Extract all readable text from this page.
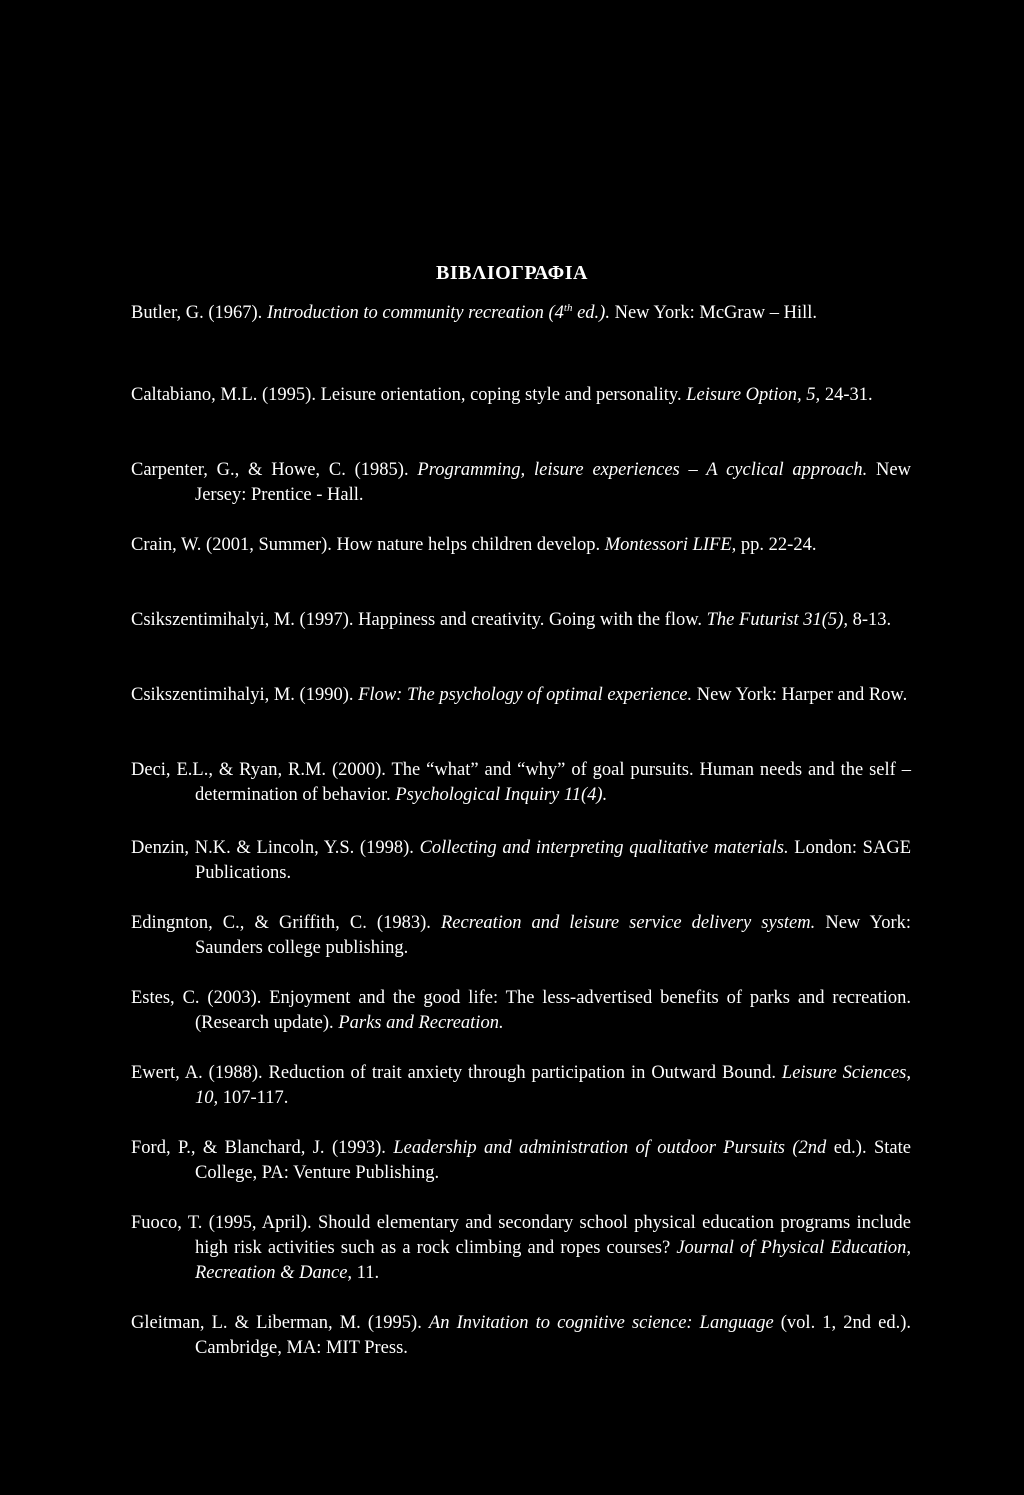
ΒΙΒΛΙΟΓΡΑΦΙΑ

Butler, G. (1967). Introduction to community recreation (4th ed.). New York: McGraw – Hill.

Caltabiano, M.L. (1995). Leisure orientation, coping style and personality. Leisure Option, 5, 24-31.

Carpenter, G., & Howe, C. (1985). Programming, leisure experiences – A cyclical approach. New Jersey: Prentice - Hall.

Crain, W. (2001, Summer). How nature helps children develop. Montessori LIFE, pp. 22-24.

Csikszentimihalyi, M. (1997). Happiness and creativity. Going with the flow. The Futurist 31(5), 8-13.

Csikszentimihalyi, M. (1990). Flow: The psychology of optimal experience. New York: Harper and Row.

Deci, E.L., & Ryan, R.M. (2000). The “what” and “why” of goal pursuits. Human needs and the self – determination of behavior. Psychological Inquiry 11(4).

Denzin, N.K. & Lincoln, Y.S. (1998). Collecting and interpreting qualitative materials. London: SAGE Publications.

Edingnton, C., & Griffith, C. (1983). Recreation and leisure service delivery system. New York: Saunders college publishing.

Estes, C. (2003). Enjoyment and the good life: The less-advertised benefits of parks and recreation. (Research update). Parks and Recreation.

Ewert, A. (1988). Reduction of trait anxiety through participation in Outward Bound. Leisure Sciences, 10, 107-117.

Ford, P., & Blanchard, J. (1993). Leadership and administration of outdoor Pursuits (2nd ed.). State College, PA: Venture Publishing.

Fuoco, T. (1995, April). Should elementary and secondary school physical education programs include high risk activities such as a rock climbing and ropes courses? Journal of Physical Education, Recreation & Dance, 11.

Gleitman, L. & Liberman, M. (1995). An Invitation to cognitive science: Language (vol. 1, 2nd ed.). Cambridge, MA: MIT Press.
